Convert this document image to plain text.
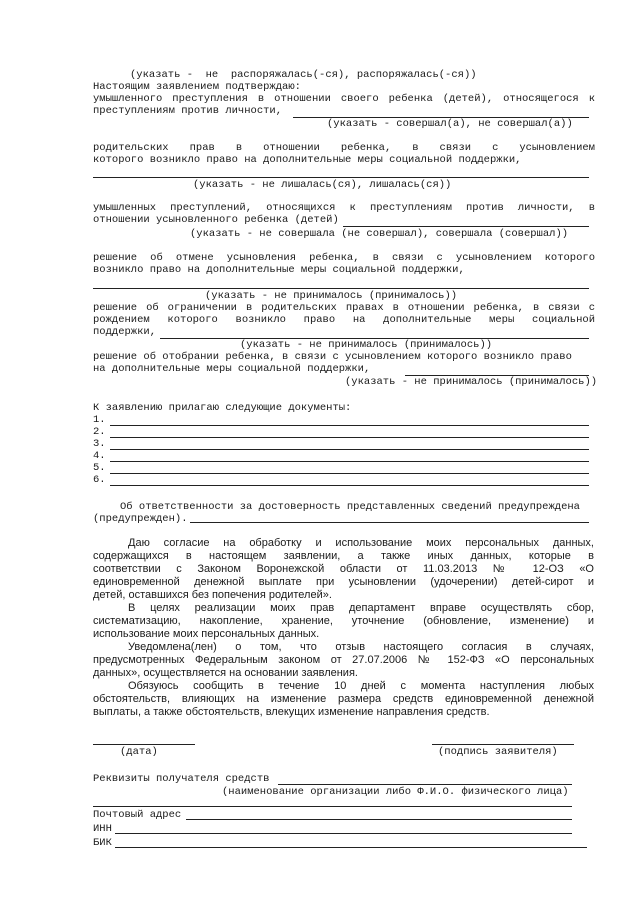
(указать -  не  распоряжалась(-ся), распоряжалась(-ся))
Настоящим заявлением подтверждаю:
умышленного преступления в отношении своего ребенка (детей), относящегося к
преступлениям против личности,
(указать - совершал(а), не совершал(а))
родительских прав в отношении ребенка, в связи с усыновлением
которого возникло право на дополнительные меры социальной поддержки,
(указать - не лишалась(ся), лишалась(ся))
умышленных преступлений, относящихся к преступлениям против личности, в
отношении усыновленного ребенка (детей)
(указать - не совершала (не совершал), совершала (совершал))
решение об отмене усыновления ребенка, в связи с усыновлением которого
возникло право на дополнительные меры социальной поддержки,
(указать - не принималось (принималось))
решение об ограничении в родительских правах в отношении ребенка, в связи с
рождением которого возникло право на дополнительные меры социальной
поддержки,
(указать - не принималось (принималось))
решение об отобрании ребенка, в связи с усыновлением которого возникло право
на дополнительные меры социальной поддержки,
(указать - не принималось (принималось))
К заявлению прилагаю следующие документы:
1.
2.
3.
4.
5.
6.
Об ответственности за достоверность представленных сведений предупреждена
(предупрежден).
Даю согласие на обработку и использование моих персональных данных,
содержащихся в настоящем заявлении, а также иных данных, которые в
соответствии с Законом Воронежской области от 11.03.2013 № 12-ОЗ «О
единовременной денежной выплате при усыновлении (удочерении) детей-сирот и
детей, оставшихся без попечения родителей».
В целях реализации моих прав департамент вправе осуществлять сбор,
систематизацию, накопление, хранение, уточнение (обновление, изменение) и
использование моих персональных данных.
Уведомлена(лен) о том, что отзыв настоящего согласия в случаях,
предусмотренных Федеральным законом от 27.07.2006 № 152-ФЗ «О персональных
данных», осуществляется на основании заявления.
Обязуюсь сообщить в течение 10 дней с момента наступления любых
обстоятельств, влияющих на изменение размера средств единовременной денежной
выплаты, а также обстоятельств, влекущих изменение направления средств.
(дата)	(подпись заявителя)
Реквизиты получателя средств
(наименование организации либо Ф.И.О. физического лица)
Почтовый адрес
ИНН
БИК
